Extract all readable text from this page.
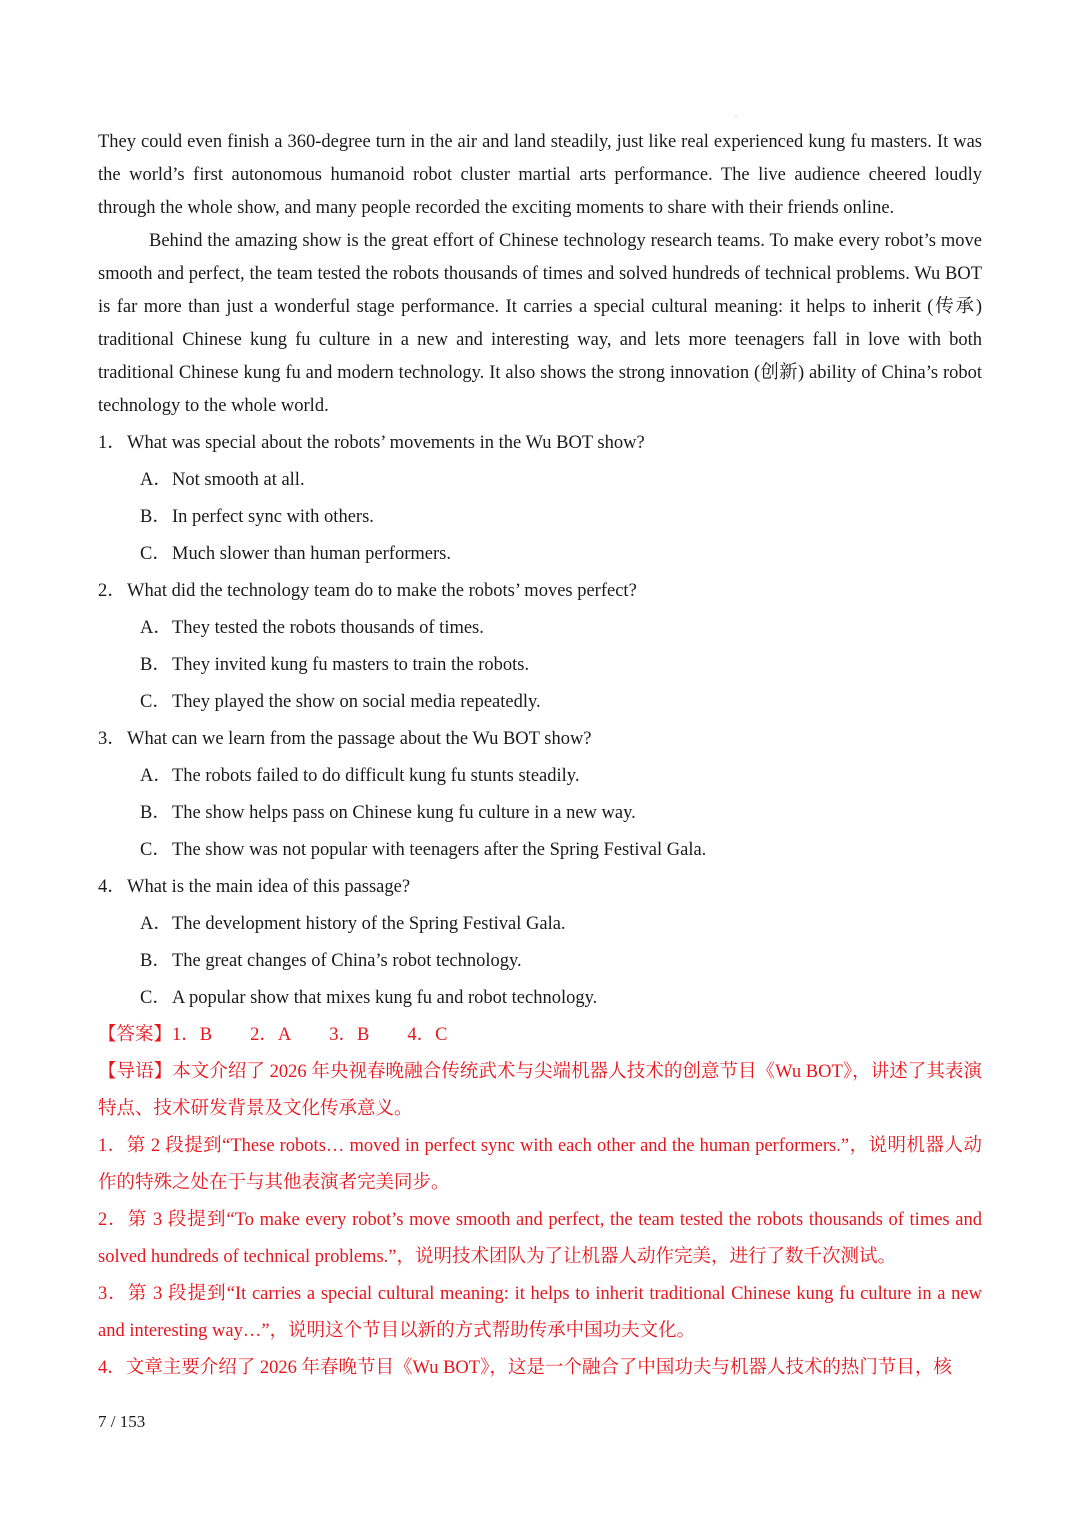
They could even finish a 360-degree turn in the air and land steadily, just like real experienced kung fu masters. It was the world’s first autonomous humanoid robot cluster martial arts performance. The live audience cheered loudly through the whole show, and many people recorded the exciting moments to share with their friends online.

Behind the amazing show is the great effort of Chinese technology research teams. To make every robot’s move smooth and perfect, the team tested the robots thousands of times and solved hundreds of technical problems. Wu BOT is far more than just a wonderful stage performance. It carries a special cultural meaning: it helps to inherit (传承) traditional Chinese kung fu culture in a new and interesting way, and lets more teenagers fall in love with both traditional Chinese kung fu and modern technology. It also shows the strong innovation (创新) ability of China’s robot technology to the whole world.

1．What was special about the robots’ movements in the Wu BOT show?
A．Not smooth at all.
B．In perfect sync with others.
C．Much slower than human performers.
2．What did the technology team do to make the robots’ moves perfect?
A．They tested the robots thousands of times.
B．They invited kung fu masters to train the robots.
C．They played the show on social media repeatedly.
3．What can we learn from the passage about the Wu BOT show?
A．The robots failed to do difficult kung fu stunts steadily.
B．The show helps pass on Chinese kung fu culture in a new way.
C．The show was not popular with teenagers after the Spring Festival Gala.
4．What is the main idea of this passage?
A．The development history of the Spring Festival Gala.
B．The great changes of China’s robot technology.
C．A popular show that mixes kung fu and robot technology.
【答案】1．B 2．A 3．B 4．C

【导语】本文介绍了 2026 年央视春晚融合传统武术与尖端机器人技术的创意节目《Wu BOT》，讲述了其表演特点、技术研发背景及文化传承意义。

1．第 2 段提到“These robots… moved in perfect sync with each other and the human performers.”，说明机器人动作的特殊之处在于与其他表演者完美同步。

2．第 3 段提到“To make every robot’s move smooth and perfect, the team tested the robots thousands of times and solved hundreds of technical problems.”，说明技术团队为了让机器人动作完美，进行了数千次测试。

3．第 3 段提到“It carries a special cultural meaning: it helps to inherit traditional Chinese kung fu culture in a new and interesting way…”，说明这个节目以新的方式帮助传承中国功夫文化。

4．文章主要介绍了 2026 年春晚节目《Wu BOT》，这是一个融合了中国功夫与机器人技术的热门节目，核

7 / 153
